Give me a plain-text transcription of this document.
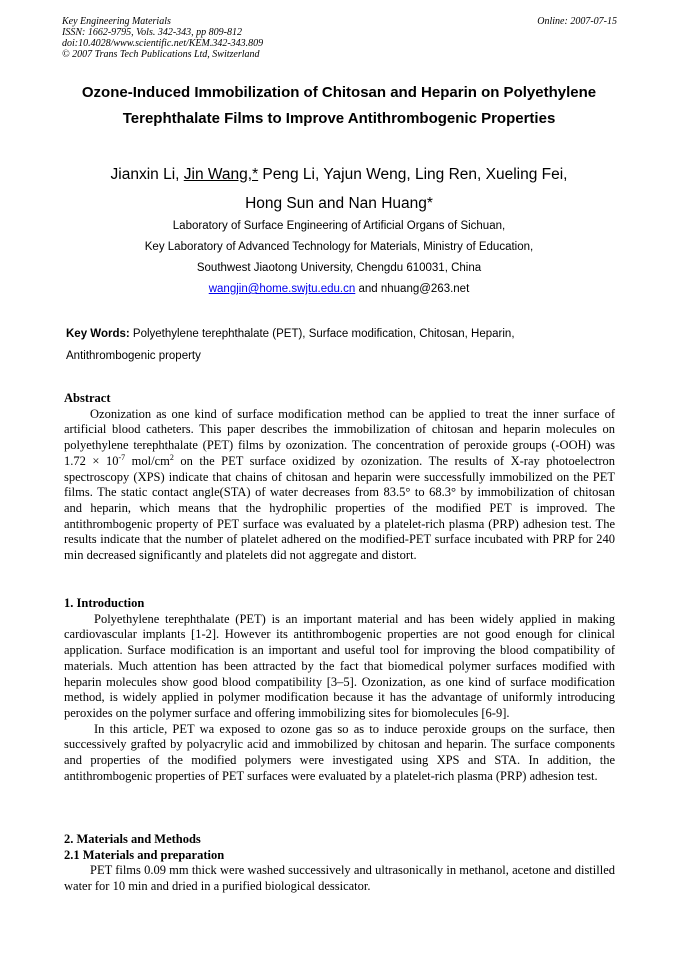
Key Engineering Materials
ISSN: 1662-9795, Vols. 342-343, pp 809-812
doi:10.4028/www.scientific.net/KEM.342-343.809
© 2007 Trans Tech Publications Ltd, Switzerland
Online: 2007-07-15
Ozone-Induced Immobilization of Chitosan and Heparin on Polyethylene
Terephthalate Films to Improve Antithrombogenic Properties
Jianxin Li, Jin Wang,* Peng Li, Yajun Weng, Ling Ren, Xueling Fei,
Hong Sun and Nan Huang*
Laboratory of Surface Engineering of Artificial Organs of Sichuan,
Key Laboratory of Advanced Technology for Materials, Ministry of Education,
Southwest Jiaotong University, Chengdu 610031, China
wangjin@home.swjtu.edu.cn and nhuang@263.net
Key Words: Polyethylene terephthalate (PET), Surface modification, Chitosan, Heparin,
Antithrombogenic property
Abstract
Ozonization as one kind of surface modification method can be applied to treat the inner surface of artificial blood catheters. This paper describes the immobilization of chitosan and heparin molecules on polyethylene terephthalate (PET) films by ozonization. The concentration of peroxide groups (-OOH) was $1.72 \times 10^{-7}$ mol/$cm^2$ on the PET surface oxidized by ozonization. The results of X-ray photoelectron spectroscopy (XPS) indicate that chains of chitosan and heparin were successfully immobilized on the PET films. The static contact angle(STA) of water decreases from 83.5° to 68.3° by immobilization of chitosan and heparin, which means that the hydrophilic properties of the modified PET is improved. The antithrombogenic property of PET surface was evaluated by a platelet-rich plasma (PRP) adhesion test. The results indicate that the number of platelet adhered on the modified-PET surface incubated with PRP for 240 min decreased significantly and platelets did not aggregate and distort.
1. Introduction
Polyethylene terephthalate (PET) is an important material and has been widely applied in making cardiovascular implants [1-2]. However its antithrombogenic properties are not good enough for clinical application. Surface modification is an important and useful tool for improving the blood compatibility of materials. Much attention has been attracted by the fact that biomedical polymer surfaces modified with heparin molecules show good blood compatibility [3–5]. Ozonization, as one kind of surface modification method, is widely applied in polymer modification because it has the advantage of uniformly introducing peroxides on the polymer surface and offering immobilizing sites for biomolecules [6-9].
In this article, PET wa exposed to ozone gas so as to induce peroxide groups on the surface, then successively grafted by polyacrylic acid and immobilized by chitosan and heparin. The surface components and properties of the modified polymers were investigated using XPS and STA. In addition, the antithrombogenic properties of PET surfaces were evaluated by a platelet-rich plasma (PRP) adhesion test.
2. Materials and Methods
2.1 Materials and preparation
PET films 0.09 mm thick were washed successively and ultrasonically in methanol, acetone and distilled water for 10 min and dried in a purified biological dessicator.
